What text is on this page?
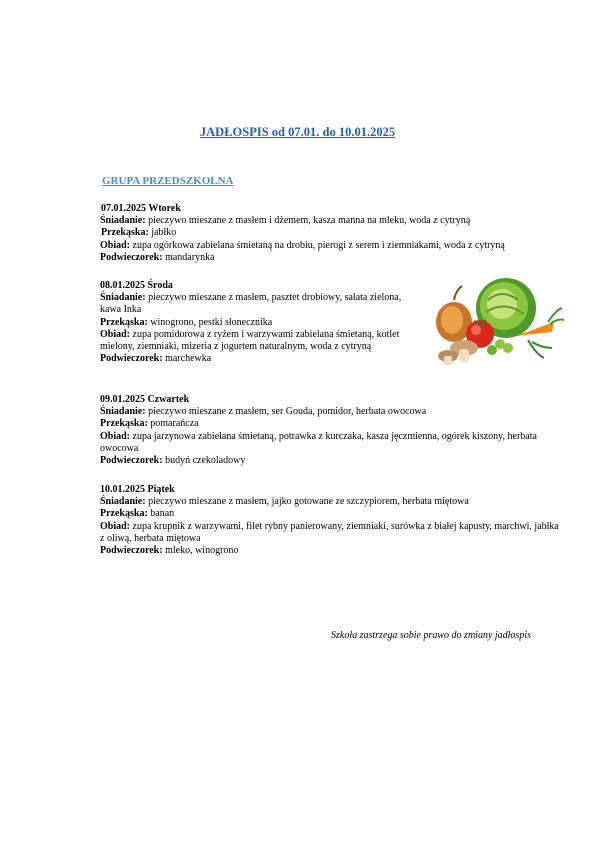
JADŁOSPIS od 07.01. do 10.01.2025
GRUPA PRZEDSZKOLNA
07.01.2025 Wtorek
Śniadanie: pieczywo mieszane z masłem i dżemem, kasza manna na mleku, woda z cytryną
Przekąska: jabłko
Obiad: zupa ogórkowa zabielana śmietaną na drobiu, pierogi z serem i ziemniakami, woda z cytryną
Podwieczorek: mandarynka
08.01.2025 Środa
Śniadanie: pieczywo mieszane z masłem, pasztet drobiowy, sałata zielona, kawa Inka
Przekąska: winogrono, pestki słonecznika
Obiad: zupa pomidorowa z ryżem i warzywami zabielana śmietaną, kotlet mielony, ziemniaki, mizeria z jogurtem naturalnym, woda z cytryną
Podwieczorek: marchewka
09.01.2025 Czwartek
Śniadanie: pieczywo mieszane z masłem, ser Gouda, pomidor, herbata owocowa
Przekąska: pomarańcza
Obiad: zupa jarzynowa zabielana śmietaną, potrawka z kurczaka, kasza jęczmienna, ogórek kiszony, herbata owocowa
Podwieczorek: budyń czekoladowy
10.01.2025 Piątek
Śniadanie: pieczywo mieszane z masłem, jajko gotowane ze szczypiorem, herbata miętowa
Przekąska: banan
Obiad: zupa krupnik z warzywami, filet rybny panierowany, ziemniaki, surówka z białej kapusty, marchwi, jabłka z oliwą, herbata miętowa
Podwieczorek: mleko, winogrono
Szkoła zastrzega sobie prawo do zmiany jadłospis
